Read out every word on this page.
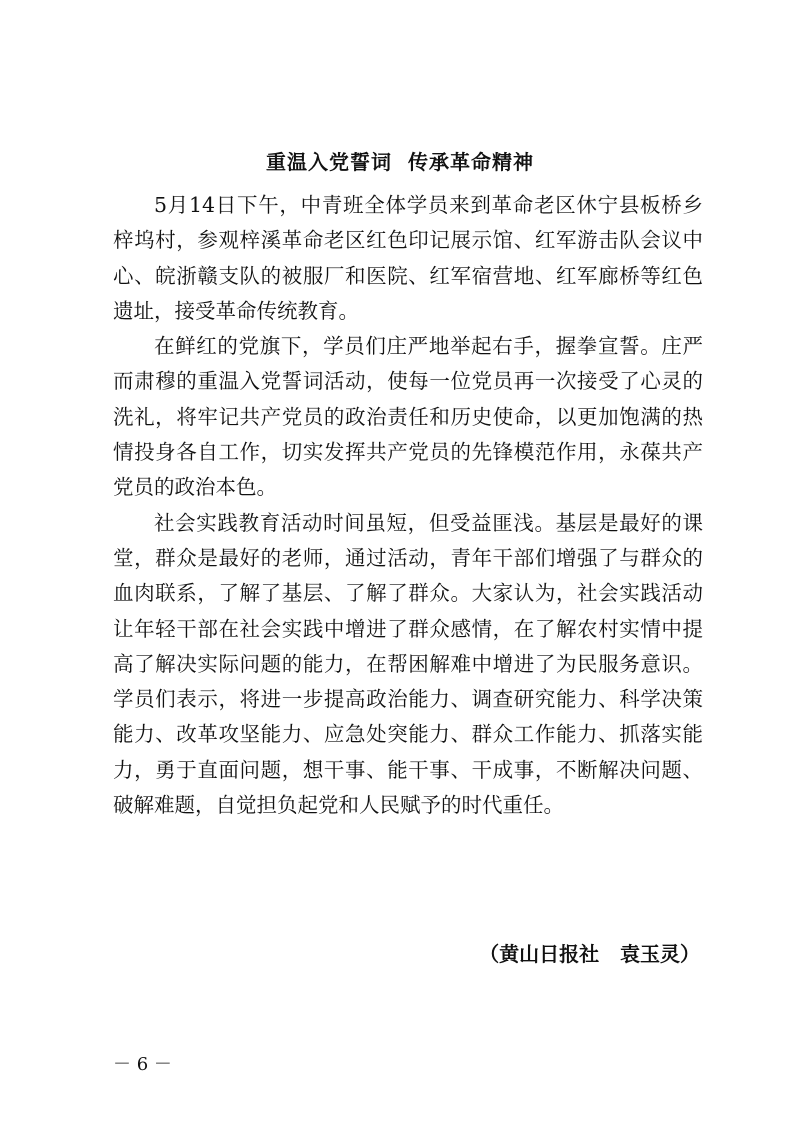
重温入党誓词  传承革命精神

5月14日下午，中青班全体学员来到革命老区休宁县板桥乡梓坞村，参观梓溪革命老区红色印记展示馆、红军游击队会议中心、皖浙赣支队的被服厂和医院、红军宿营地、红军廊桥等红色遗址，接受革命传统教育。

在鲜红的党旗下，学员们庄严地举起右手，握拳宣誓。庄严而肃穆的重温入党誓词活动，使每一位党员再一次接受了心灵的洗礼，将牢记共产党员的政治责任和历史使命，以更加饱满的热情投身各自工作，切实发挥共产党员的先锋模范作用，永葆共产党员的政治本色。

社会实践教育活动时间虽短，但受益匪浅。基层是最好的课堂，群众是最好的老师，通过活动，青年干部们增强了与群众的血肉联系，了解了基层、了解了群众。大家认为，社会实践活动让年轻干部在社会实践中增进了群众感情，在了解农村实情中提高了解决实际问题的能力，在帮困解难中增进了为民服务意识。学员们表示，将进一步提高政治能力、调查研究能力、科学决策能力、改革攻坚能力、应急处突能力、群众工作能力、抓落实能力，勇于直面问题，想干事、能干事、干成事，不断解决问题、破解难题，自觉担负起党和人民赋予的时代重任。

（黄山日报社   袁玉灵）

－ 6 －
